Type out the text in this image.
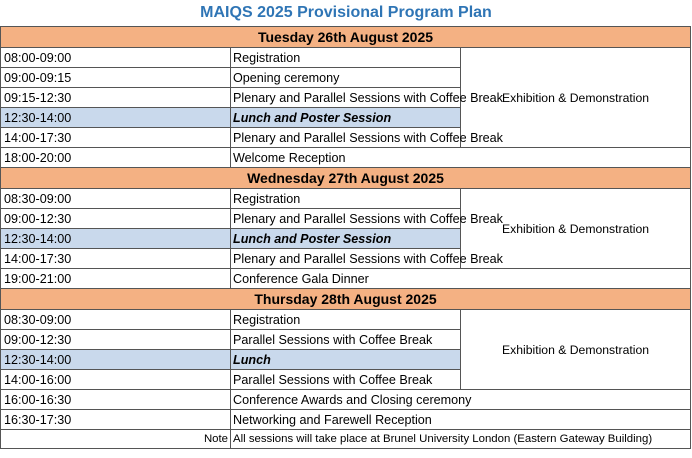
MAIQS 2025 Provisional Program Plan
Tuesday 26th August 2025		
08:00-09:00	Registration	Exhibition & Demonstration
09:00-09:15	Opening ceremony	
09:15-12:30	Plenary and Parallel Sessions with Coffee Break	
12:30-14:00	Lunch and Poster Session	
14:00-17:30	Plenary and Parallel Sessions with Coffee Break	
18:00-20:00	Welcome Reception	
Wednesday 27th August 2025		
08:30-09:00	Registration	Exhibition & Demonstration
09:00-12:30	Plenary and Parallel Sessions with Coffee Break	
12:30-14:00	Lunch and Poster Session	
14:00-17:30	Plenary and Parallel Sessions with Coffee Break	
19:00-21:00	Conference Gala Dinner	
Thursday 28th August 2025		
08:30-09:00	Registration	Exhibition & Demonstration
09:00-12:30	Parallel Sessions with Coffee Break	
12:30-14:00	Lunch	
14:00-16:00	Parallel Sessions with Coffee Break	
16:00-16:30	Conference Awards and Closing ceremony	
16:30-17:30	Networking and Farewell Reception	
Note	All sessions will take place at Brunel University London (Eastern Gateway Building)	
